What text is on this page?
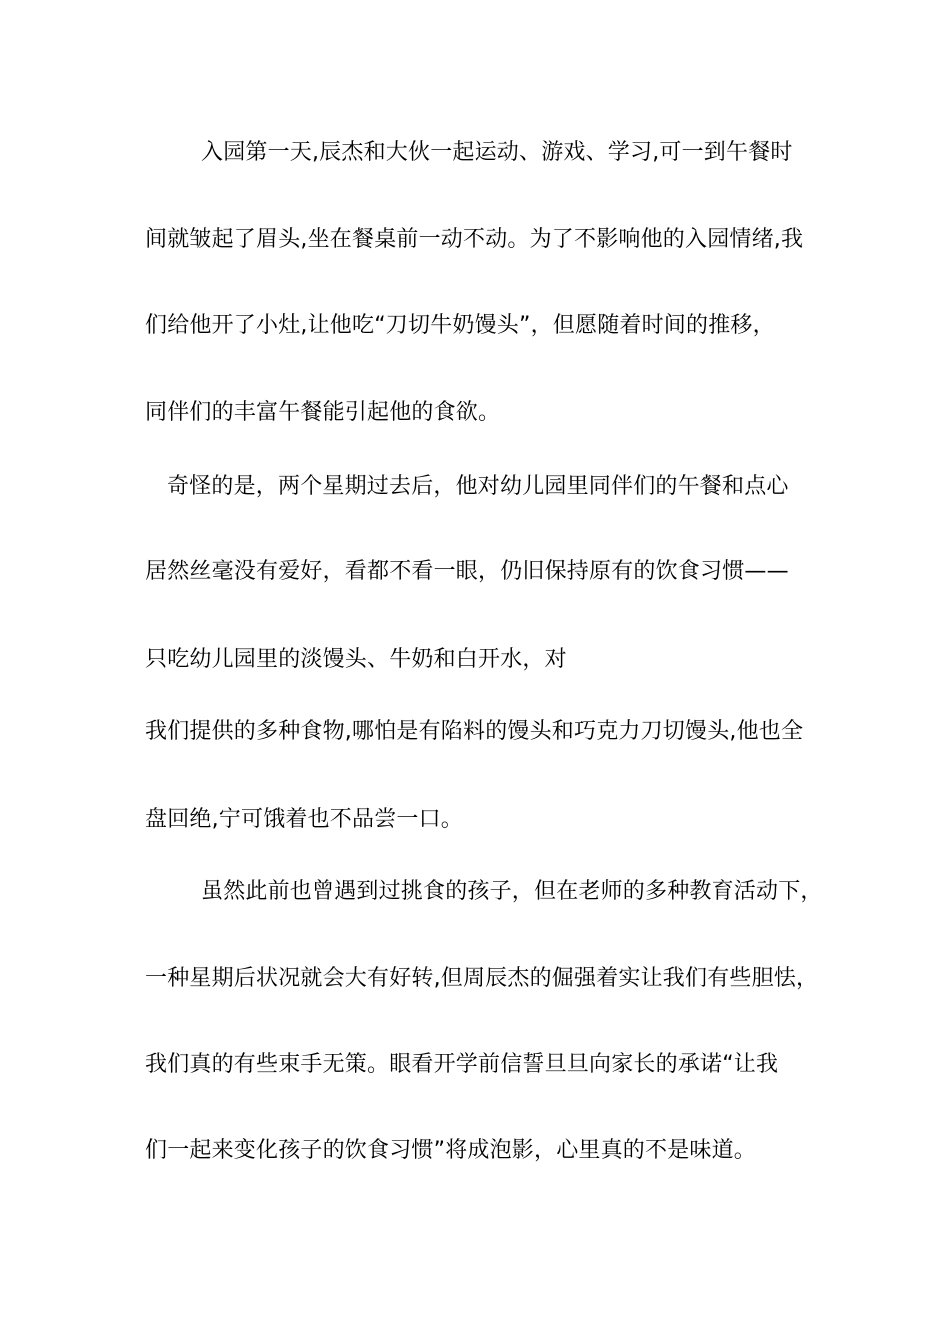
入园第一天,辰杰和大伙一起运动、游戏、学习,可一到午餐时
间就皱起了眉头,坐在餐桌前一动不动。为了不影响他的入园情绪,我
们给他开了小灶,让他吃“刀切牛奶馒头”，但愿随着时间的推移，
同伴们的丰富午餐能引起他的食欲。
奇怪的是，两个星期过去后，他对幼儿园里同伴们的午餐和点心
居然丝毫没有爱好，看都不看一眼，仍旧保持原有的饮食习惯——
只吃幼儿园里的淡馒头、牛奶和白开水，对
我们提供的多种食物,哪怕是有陷料的馒头和巧克力刀切馒头,他也全
盘回绝,宁可饿着也不品尝一口。
虽然此前也曾遇到过挑食的孩子，但在老师的多种教育活动下，
一种星期后状况就会大有好转,但周辰杰的倔强着实让我们有些胆怯，
我们真的有些束手无策。眼看开学前信誓旦旦向家长的承诺“让我
们一起来变化孩子的饮食习惯”将成泡影，心里真的不是味道。
